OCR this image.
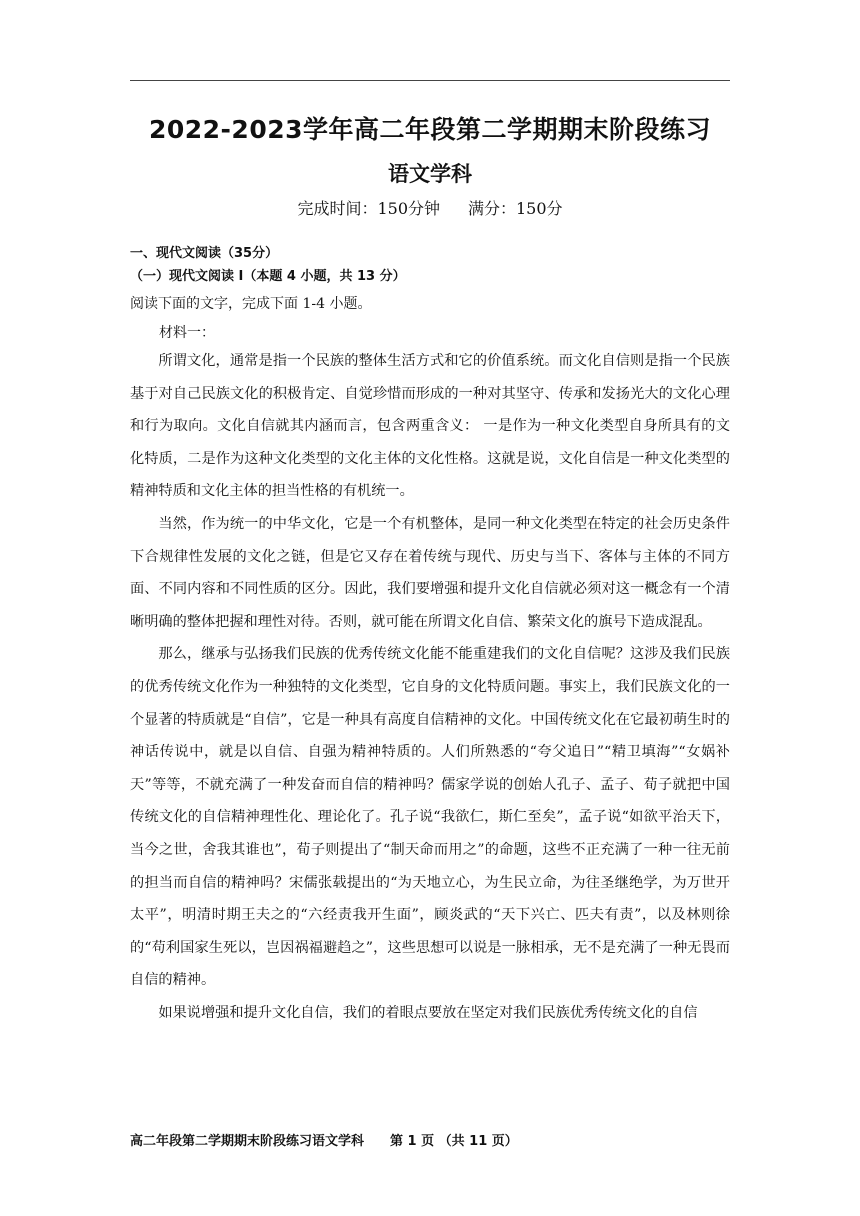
2022-2023学年高二年段第二学期期末阶段练习
语文学科
完成时间：150分钟 满分：150分
一、现代文阅读（35分）
（一）现代文阅读 I（本题 4 小题，共 13 分）
阅读下面的文字，完成下面 1-4 小题。
材料一：

所谓文化，通常是指一个民族的整体生活方式和它的价值系统。而文化自信则是指一个民族基于对自己民族文化的积极肯定、自觉珍惜而形成的一种对其坚守、传承和发扬光大的文化心理和行为取向。文化自信就其内涵而言，包含两重含义： 一是作为一种文化类型自身所具有的文化特质，二是作为这种文化类型的文化主体的文化性格。这就是说，文化自信是一种文化类型的精神特质和文化主体的担当性格的有机统一。

当然，作为统一的中华文化，它是一个有机整体，是同一种文化类型在特定的社会历史条件下合规律性发展的文化之链，但是它又存在着传统与现代、历史与当下、客体与主体的不同方面、不同内容和不同性质的区分。因此，我们要增强和提升文化自信就必须对这一概念有一个清晰明确的整体把握和理性对待。否则，就可能在所谓文化自信、繁荣文化的旗号下造成混乱。

那么，继承与弘扬我们民族的优秀传统文化能不能重建我们的文化自信呢？这涉及我们民族的优秀传统文化作为一种独特的文化类型，它自身的文化特质问题。事实上，我们民族文化的一个显著的特质就是“自信”，它是一种具有高度自信精神的文化。中国传统文化在它最初萌生时的神话传说中，就是以自信、自强为精神特质的。人们所熟悉的“夸父追日”“精卫填海”“女娲补天”等等，不就充满了一种发奋而自信的精神吗？儒家学说的创始人孔子、孟子、荀子就把中国传统文化的自信精神理性化、理论化了。孔子说“我欲仁，斯仁至矣”，孟子说“如欲平治天下，当今之世，舍我其谁也”，荀子则提出了“制天命而用之”的命题，这些不正充满了一种一往无前的担当而自信的精神吗？宋儒张载提出的“为天地立心，为生民立命，为往圣继绝学，为万世开太平”，明清时期王夫之的“六经责我开生面”，顾炎武的“天下兴亡、匹夫有责”，以及林则徐的“苟利国家生死以，岂因祸福避趋之”，这些思想可以说是一脉相承，无不是充满了一种无畏而自信的精神。

如果说增强和提升文化自信，我们的着眼点要放在坚定对我们民族优秀传统文化的自信

高二年段第二学期期末阶段练习语文学科 第 1 页 （共 11 页）
